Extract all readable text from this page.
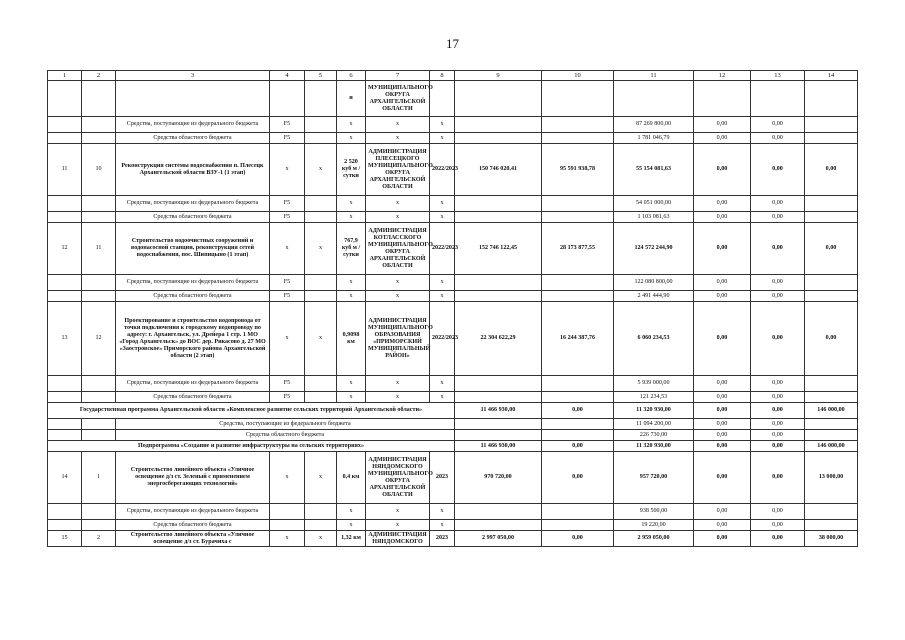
17
1	2	3	4	5	6	7	8	9	10	11	12	13	14
					и	МУНИЦИПАЛЬНОГО ОКРУГА АРХАНГЕЛЬСКОЙ ОБЛАСТИ							
		Средства, поступающие из федерального бюджета	F5		x	x	x			87 269 800,00	0,00	0,00	
		Средства областного бюджета	F5		x	x	x			1 781 046,79	0,00	0,00	
11	10	Реконструкция системы водоснабжения п. Плесецк Архангельской области ВЗУ-1 (1 этап)	x	x	2 520 куб м / сутки	АДМИНИСТРАЦИЯ ПЛЕСЕЦКОГО МУНИЦИПАЛЬНОГО ОКРУГА АРХАНГЕЛЬСКОЙ ОБЛАСТИ	2022/2023	150 746 020,41	95 591 938,78	55 154 081,63	0,00	0,00	0,00
		Средства, поступающие из федерального бюджета	F5		x	x	x			54 051 000,00	0,00	0,00	
		Средства областного бюджета	F5		x	x	x			1 103 081,63	0,00	0,00	
12	11	Строительство водоочистных сооружений и водонасосной станции, реконструкция сетей водоснабжения, пос. Шипицыно (1 этап)	x	x	767,9 куб м / сутки	АДМИНИСТРАЦИЯ КОТЛАССКОГО МУНИЦИПАЛЬНОГО ОКРУГА АРХАНГЕЛЬСКОЙ ОБЛАСТИ	2022/2023	152 746 122,45	28 173 877,55	124 572 244,90	0,00	0,00	0,00
		Средства, поступающие из федерального бюджета	F5		x	x	x			122 080 800,00	0,00	0,00	
		Средства областного бюджета	F5		x	x	x			2 491 444,90	0,00	0,00	
13	12	Проектирование и строительство водопровода от точки подключения к городскому водопроводу по адресу: г. Архангельск, ул. Дрейера 1 стр. 1 МО «Город Архангельск» до ВОС дер. Рикасово д. 27 МО «Заостровское» Приморского района Архангельской области (2 этап)	x	x	0,9098 км	АДМИНИСТРАЦИЯ МУНИЦИПАЛЬНОГО ОБРАЗОВАНИЯ «ПРИМОРСКИЙ МУНИЦИПАЛЬНЫЙ РАЙОН»	2022/2023	22 304 622,29	16 244 387,76	6 060 234,53	0,00	0,00	0,00
		Средства, поступающие из федерального бюджета	F5		x	x	x			5 939 000,00	0,00	0,00	
		Средства областного бюджета	F5		x	x	x			121 234,53	0,00	0,00	
Государственная программа Архангельской области «Комплексное развитие сельских территорий Архангельской области»								11 466 930,00	0,00	11 320 930,00	0,00	0,00	146 000,00
		Средства, поступающие из федерального бюджета								11 094 200,00	0,00	0,00	
		Средства областного бюджета								226 730,00	0,00	0,00	
Подпрограмма «Создание и развитие инфраструктуры на сельских территориях»								11 466 930,00	0,00	11 320 930,00	0,00	0,00	146 000,00
14	1	Строительство линейного объекта «Уличное освещение д/з ст. Зеленый с применением энергосберегающих технологий»	x	x	0,4 км	АДМИНИСТРАЦИЯ НЯНДОМСКОГО МУНИЦИПАЛЬНОГО ОКРУГА АРХАНГЕЛЬСКОЙ ОБЛАСТИ	2023	970 720,00	0,00	957 720,00	0,00	0,00	13 000,00
		Средства, поступающие из федерального бюджета			x	x	x			938 500,00	0,00	0,00	
		Средства областного бюджета			x	x	x			19 220,00	0,00	0,00	
15	2	Строительство линейного объекта «Уличное освещение д/з ст. Бурачиха с	x	x	1,32 км	АДМИНИСТРАЦИЯ НЯНДОМСКОГО	2023	2 997 050,00	0,00	2 959 050,00	0,00	0,00	38 000,00
